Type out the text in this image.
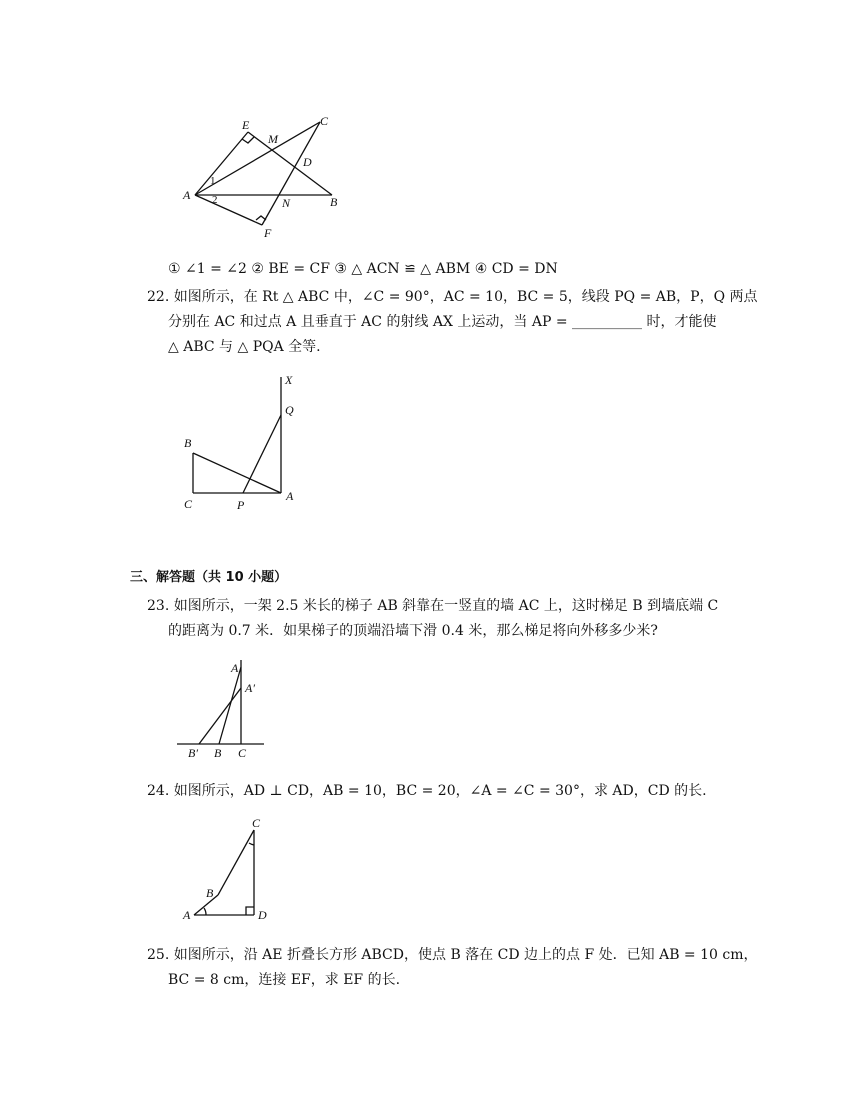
E
M
C
D
A
1
2	N	B
F
① ∠1 = ∠2 ② BE = CF ③ △ ACN ≌ △ ABM ④ CD = DN
22. 如图所示，在 Rt △ ABC 中，∠C = 90°，AC = 10，BC = 5，线段 PQ = AB，P，Q 两点
分别在 AC 和过点 A 且垂直于 AC 的射线 AX 上运动，当 AP = __________ 时，才能使
△ ABC 与 △ PQA 全等.
X
Q
B
C	P
A
三、解答题（共 10 小题）
23. 如图所示，一架 2.5 米长的梯子 AB 斜靠在一竖直的墙 AC 上，这时梯足 B 到墙底端 C
的距离为 0.7 米．如果梯子的顶端沿墙下滑 0.4 米，那么梯足将向外移多少米?
A
A′
B′ B C
24. 如图所示，AD ⊥ CD，AB = 10，BC = 20，∠A = ∠C = 30°，求 AD，CD 的长.
C
B
A	D
25. 如图所示，沿 AE 折叠长方形 ABCD，使点 B 落在 CD 边上的点 F 处．已知 AB = 10 cm，
BC = 8 cm，连接 EF，求 EF 的长.
